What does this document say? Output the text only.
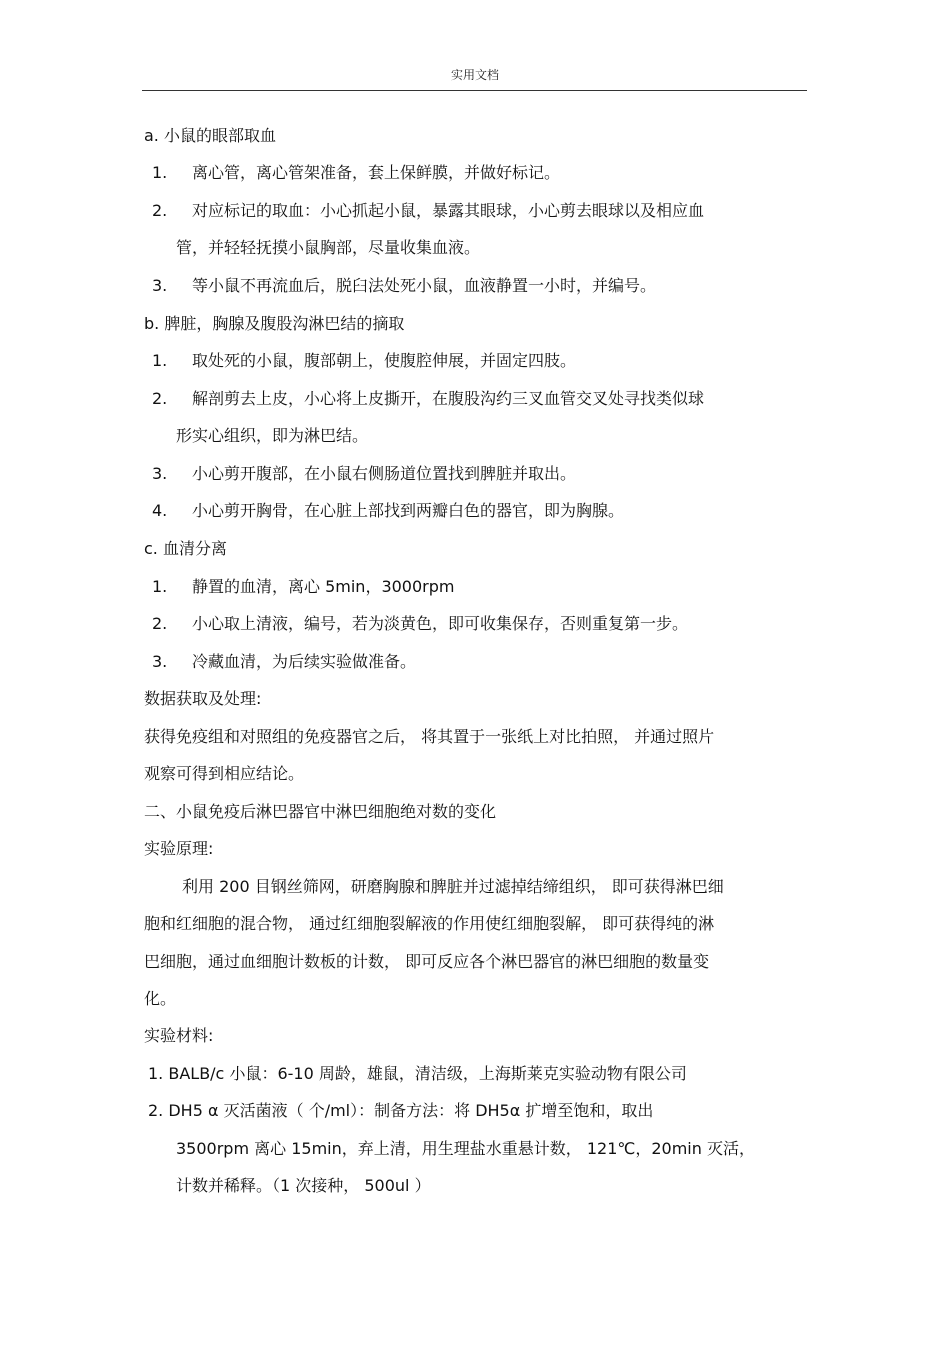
实用文档
a. 小鼠的眼部取血
1. 离心管，离心管架准备，套上保鲜膜，并做好标记。
2. 对应标记的取血：小心抓起小鼠，暴露其眼球，小心剪去眼球以及相应血
管，并轻轻抚摸小鼠胸部，尽量收集血液。
3. 等小鼠不再流血后，脱臼法处死小鼠，血液静置一小时，并编号。
b. 脾脏，胸腺及腹股沟淋巴结的摘取
1. 取处死的小鼠，腹部朝上，使腹腔伸展，并固定四肢。
2. 解剖剪去上皮，小心将上皮撕开，在腹股沟约三叉血管交叉处寻找类似球
形实心组织，即为淋巴结。
3. 小心剪开腹部，在小鼠右侧肠道位置找到脾脏并取出。
4. 小心剪开胸骨，在心脏上部找到两瓣白色的器官，即为胸腺。
c. 血清分离
1. 静置的血清，离心 5min，3000rpm
2. 小心取上清液，编号，若为淡黄色，即可收集保存，否则重复第一步。
3. 冷藏血清，为后续实验做准备。
数据获取及处理:
获得免疫组和对照组的免疫器官之后， 将其置于一张纸上对比拍照， 并通过照片
观察可得到相应结论。
二、小鼠免疫后淋巴器官中淋巴细胞绝对数的变化
实验原理:
利用 200 目钢丝筛网，研磨胸腺和脾脏并过滤掉结缔组织， 即可获得淋巴细
胞和红细胞的混合物， 通过红细胞裂解液的作用使红细胞裂解， 即可获得纯的淋
巴细胞，通过血细胞计数板的计数， 即可反应各个淋巴器官的淋巴细胞的数量变
化。
实验材料:
1. BALB/c 小鼠：6-10 周龄，雄鼠，清洁级，上海斯莱克实验动物有限公司
2. DH5 α 灭活菌液（ 个/ml）：制备方法：将 DH5α 扩增至饱和，取出
3500rpm 离心 15min，弃上清，用生理盐水重悬计数， 121℃，20min 灭活，
计数并稀释。（1 次接种， 500ul ）
